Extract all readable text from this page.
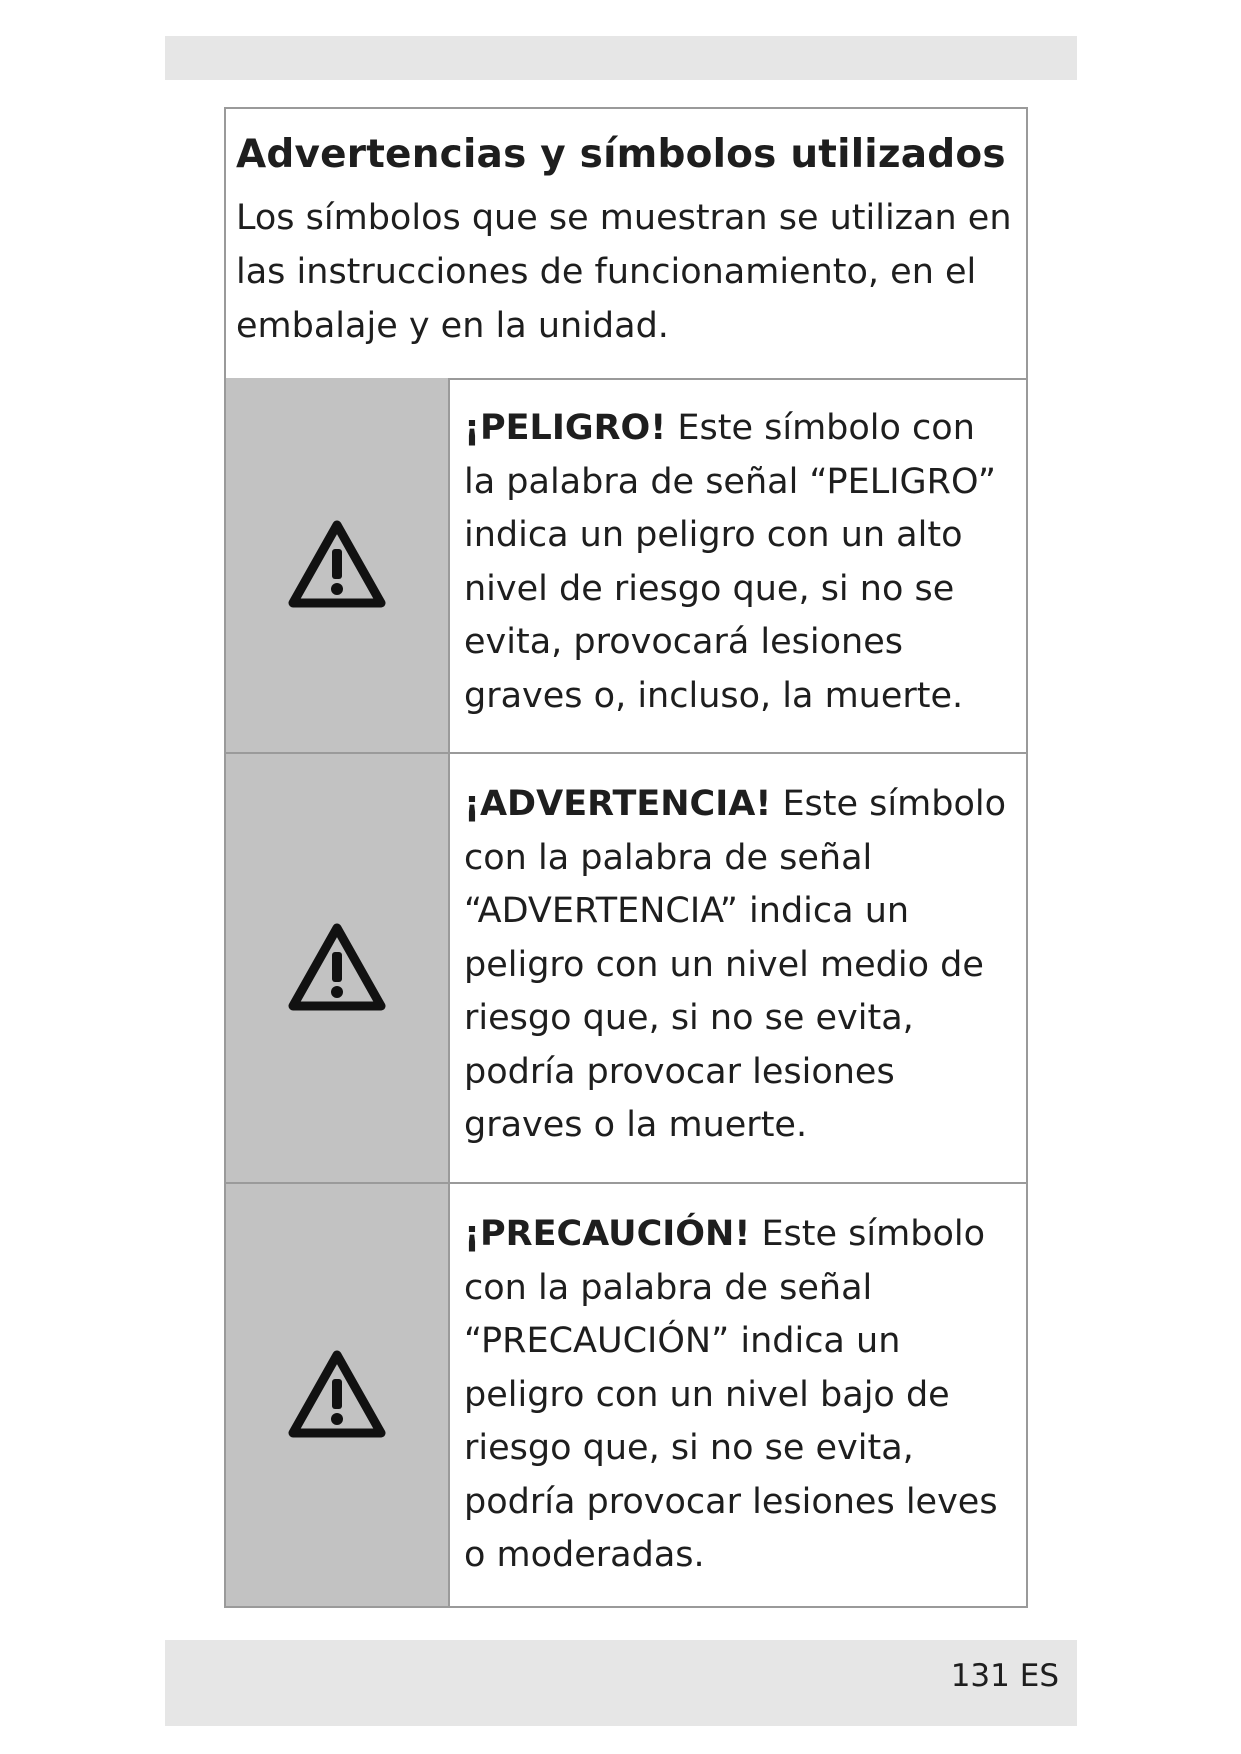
Advertencias y símbolos utilizados

Los símbolos que se muestran se utilizan en las instrucciones de funcionamiento, en el embalaje y en la unidad.

¡PELIGRO! Este símbolo con la palabra de señal “PELIGRO” indica un peligro con un alto nivel de riesgo que, si no se evita, provocará lesiones graves o, incluso, la muerte.
¡ADVERTENCIA! Este símbolo con la palabra de señal “ADVERTENCIA” indica un peligro con un nivel medio de riesgo que, si no se evita, podría provocar lesiones graves o la muerte.
¡PRECAUCIÓN! Este símbolo con la palabra de señal “PRECAUCIÓN” indica un peligro con un nivel bajo de riesgo que, si no se evita, podría provocar lesiones leves o moderadas.
131 ES
